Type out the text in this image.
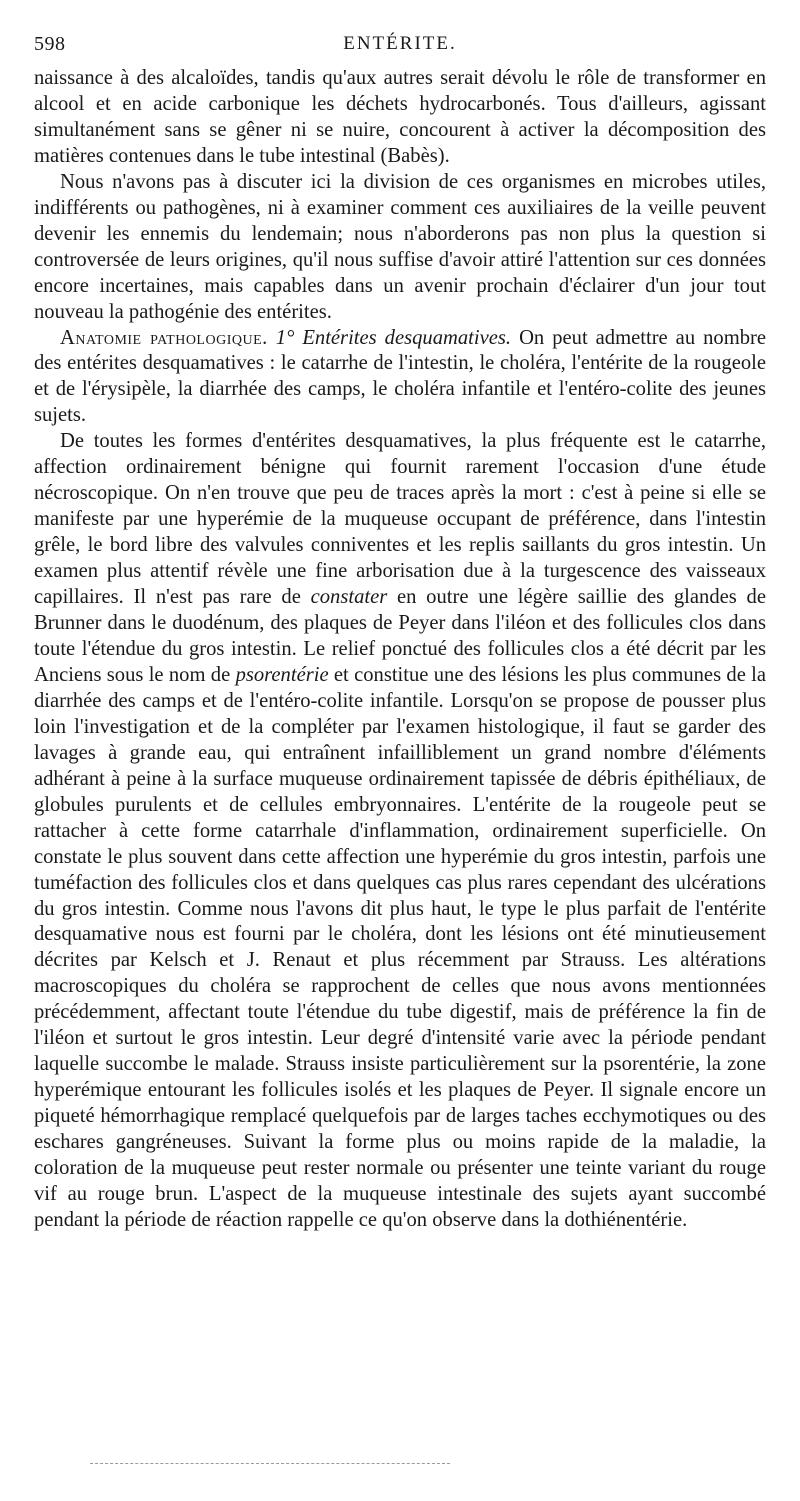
598	ENTÉRITE.

naissance à des alcaloïdes, tandis qu'aux autres serait dévolu le rôle de transformer en alcool et en acide carbonique les déchets hydrocarbonés. Tous d'ailleurs, agissant simultanément sans se gêner ni se nuire, concourent à activer la décomposition des matières contenues dans le tube intestinal (Babès).

Nous n'avons pas à discuter ici la division de ces organismes en microbes utiles, indifférents ou pathogènes, ni à examiner comment ces auxiliaires de la veille peuvent devenir les ennemis du lendemain; nous n'aborderons pas non plus la question si controversée de leurs origines, qu'il nous suffise d'avoir attiré l'attention sur ces données encore incertaines, mais capables dans un avenir prochain d'éclairer d'un jour tout nouveau la pathogénie des entérites.

Anatomie pathologique. 1° Entérites desquamatives. On peut admettre au nombre des entérites desquamatives : le catarrhe de l'intestin, le choléra, l'entérite de la rougeole et de l'érysipèle, la diarrhée des camps, le choléra infantile et l'entéro-colite des jeunes sujets.

De toutes les formes d'entérites desquamatives, la plus fréquente est le catarrhe, affection ordinairement bénigne qui fournit rarement l'occasion d'une étude nécroscopique. On n'en trouve que peu de traces après la mort : c'est à peine si elle se manifeste par une hyperémie de la muqueuse occupant de préférence, dans l'intestin grêle, le bord libre des valvules conniventes et les replis saillants du gros intestin. Un examen plus attentif révèle une fine arborisation due à la turgescence des vaisseaux capillaires. Il n'est pas rare de constater en outre une légère saillie des glandes de Brunner dans le duodénum, des plaques de Peyer dans l'iléon et des follicules clos dans toute l'étendue du gros intestin. Le relief ponctué des follicules clos a été décrit par les Anciens sous le nom de psorentérie et constitue une des lésions les plus communes de la diarrhée des camps et de l'entéro-colite infantile. Lorsqu'on se propose de pousser plus loin l'investigation et de la compléter par l'examen histologique, il faut se garder des lavages à grande eau, qui entraînent infailliblement un grand nombre d'éléments adhérant à peine à la surface muqueuse ordinairement tapissée de débris épithéliaux, de globules purulents et de cellules embryonnaires. L'entérite de la rougeole peut se rattacher à cette forme catarrhale d'inflammation, ordinairement superficielle. On constate le plus souvent dans cette affection une hyperémie du gros intestin, parfois une tuméfaction des follicules clos et dans quelques cas plus rares cependant des ulcérations du gros intestin. Comme nous l'avons dit plus haut, le type le plus parfait de l'entérite desquamative nous est fourni par le choléra, dont les lésions ont été minutieusement décrites par Kelsch et J. Renaut et plus récemment par Strauss. Les altérations macroscopiques du choléra se rapprochent de celles que nous avons mentionnées précédemment, affectant toute l'étendue du tube digestif, mais de préférence la fin de l'iléon et surtout le gros intestin. Leur degré d'intensité varie avec la période pendant laquelle succombe le malade. Strauss insiste particulièrement sur la psorentérie, la zone hyperémique entourant les follicules isolés et les plaques de Peyer. Il signale encore un piqueté hémorrhagique remplacé quelquefois par de larges taches ecchymotiques ou des eschares gangréneuses. Suivant la forme plus ou moins rapide de la maladie, la coloration de la muqueuse peut rester normale ou présenter une teinte variant du rouge vif au rouge brun. L'aspect de la muqueuse intestinale des sujets ayant succombé pendant la période de réaction rappelle ce qu'on observe dans la dothiénentérie.
